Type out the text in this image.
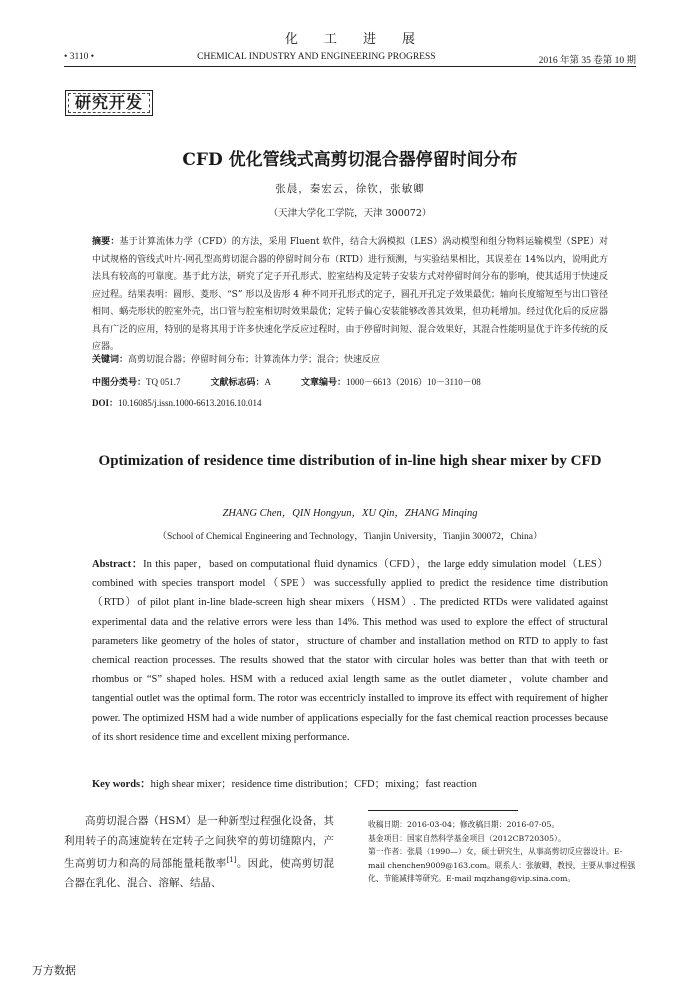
化工进展
• 3110 •	CHEMICAL INDUSTRY AND ENGINEERING PROGRESS	2016 年第 35 卷第 10 期
研究开发
CFD 优化管线式高剪切混合器停留时间分布
张晨，秦宏云，徐钦，张敏卿
（天津大学化工学院，天津 300072）
摘要：基于计算流体力学（CFD）的方法，采用 Fluent 软件，结合大涡模拟（LES）涡动模型和组分物料运输模型（SPE）对中试规格的管线式叶片-网孔型高剪切混合器的停留时间分布（RTD）进行预测，与实验结果相比，其误差在 14%以内，说明此方法具有较高的可靠度。基于此方法，研究了定子开孔形式、腔室结构及定转子安装方式对停留时间分布的影响，使其适用于快速反应过程。结果表明：圆形、菱形、“S” 形以及齿形 4 种不同开孔形式的定子，圆孔开孔定子效果最优；轴向长度缩短至与出口管径相同、蜗壳形状的腔室外壳，出口管与腔室相切时效果最优；定转子偏心安装能够改善其效果，但功耗增加。经过优化后的反应器具有广泛的应用，特别的是将其用于许多快速化学反应过程时，由于停留时间短、混合效果好，其混合性能明显优于许多传统的反应器。
关键词：高剪切混合器；停留时间分布；计算流体力学；混合；快速反应
中图分类号：TQ 051.7	文献标志码：A	文章编号：1000－6613（2016）10－3110－08
DOI：10.16085/j.issn.1000-6613.2016.10.014
Optimization of residence time distribution of in-line high shear mixer by CFD
ZHANG Chen，QIN Hongyun，XU Qin，ZHANG Minqing
（School of Chemical Engineering and Technology，Tianjin University，Tianjin 300072，China）
Abstract：In this paper，based on computational fluid dynamics（CFD），the large eddy simulation model（LES）combined with species transport model（SPE）was successfully applied to predict the residence time distribution（RTD）of pilot plant in-line blade-screen high shear mixers（HSM）. The predicted RTDs were validated against experimental data and the relative errors were less than 14%. This method was used to explore the effect of structural parameters like geometry of the holes of stator，structure of chamber and installation method on RTD to apply to fast chemical reaction processes. The results showed that the stator with circular holes was better than that with teeth or rhombus or “S” shaped holes. HSM with a reduced axial length same as the outlet diameter，volute chamber and tangential outlet was the optimal form. The rotor was eccentricly installed to improve its effect with requirement of higher power. The optimized HSM had a wide number of applications especially for the fast chemical reaction processes because of its short residence time and excellent mixing performance.
Key words：high shear mixer；residence time distribution；CFD；mixing；fast reaction
高剪切混合器（HSM）是一种新型过程强化设备，其利用转子的高速旋转在定转子之间狭窄的剪切缝隙内，产生高剪切力和高的局部能量耗散率[1]。因此，使高剪切混合器在乳化、混合、溶解、结晶、

收稿日期：2016-03-04；修改稿日期：2016-07-05。

基金项目：国家自然科学基金项目（2012CB720305）。

第一作者：张晨（1990—）女，硕士研究生，从事高剪切反应器设计。E-mail chenchen9009@163.com。联系人：张敏卿，教授，主要从事过程强化、节能减排等研究。E-mail mqzhang@vip.sina.com。

万方数据
